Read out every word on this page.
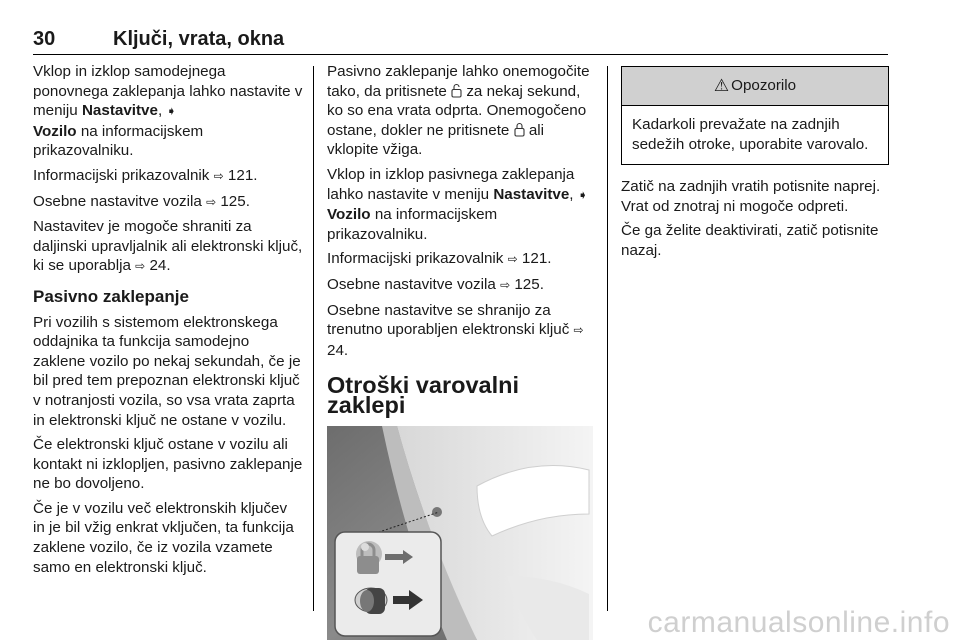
30	Ključi, vrata, okna

Vklop in izklop samodejnega ponovnega zaklepanja lahko nastavite v meniju Nastavitve, ➧
Vozilo na informacijskem prikazovalniku.

Informacijski prikazovalnik ⇨ 121.

Osebne nastavitve vozila ⇨ 125.

Nastavitev je mogoče shraniti za daljinski upravljalnik ali elektronski ključ, ki se uporablja ⇨ 24.

Pasivno zaklepanje

Pri vozilih s sistemom elektronskega oddajnika ta funkcija samodejno zaklene vozilo po nekaj sekundah, če je bil pred tem prepoznan elektronski ključ v notranjosti vozila, so vsa vrata zaprta in elektronski ključ ne ostane v vozilu.

Če elektronski ključ ostane v vozilu ali kontakt ni izklopljen, pasivno zaklepanje ne bo dovoljeno.

Če je v vozilu več elektronskih ključev in je bil vžig enkrat vključen, ta funkcija zaklene vozilo, če iz vozila vzamete samo en elektronski ključ.

Pasivno zaklepanje lahko onemogočite tako, da pritisnete  za nekaj sekund, ko so ena vrata odprta. Onemogočeno ostane, dokler ne pritisnete  ali vklopite vžiga.

Vklop in izklop pasivnega zaklepanja lahko nastavite v meniju Nastavitve, ➧
Vozilo na informacijskem prikazovalniku.

Informacijski prikazovalnik ⇨ 121.

Osebne nastavitve vozila ⇨ 125.

Osebne nastavitve se shranijo za trenutno uporabljen elektronski ključ ⇨ 24.

Otroški varovalni zaklepi
⚠ Opozorilo
Kadarkoli prevažate na zadnjih sedežih otroke, uporabite varovalo.

Zatič na zadnjih vratih potisnite naprej. Vrat od znotraj ni mogoče odpreti.

Če ga želite deaktivirati, zatič potisnite nazaj.

carmanualsonline.info
